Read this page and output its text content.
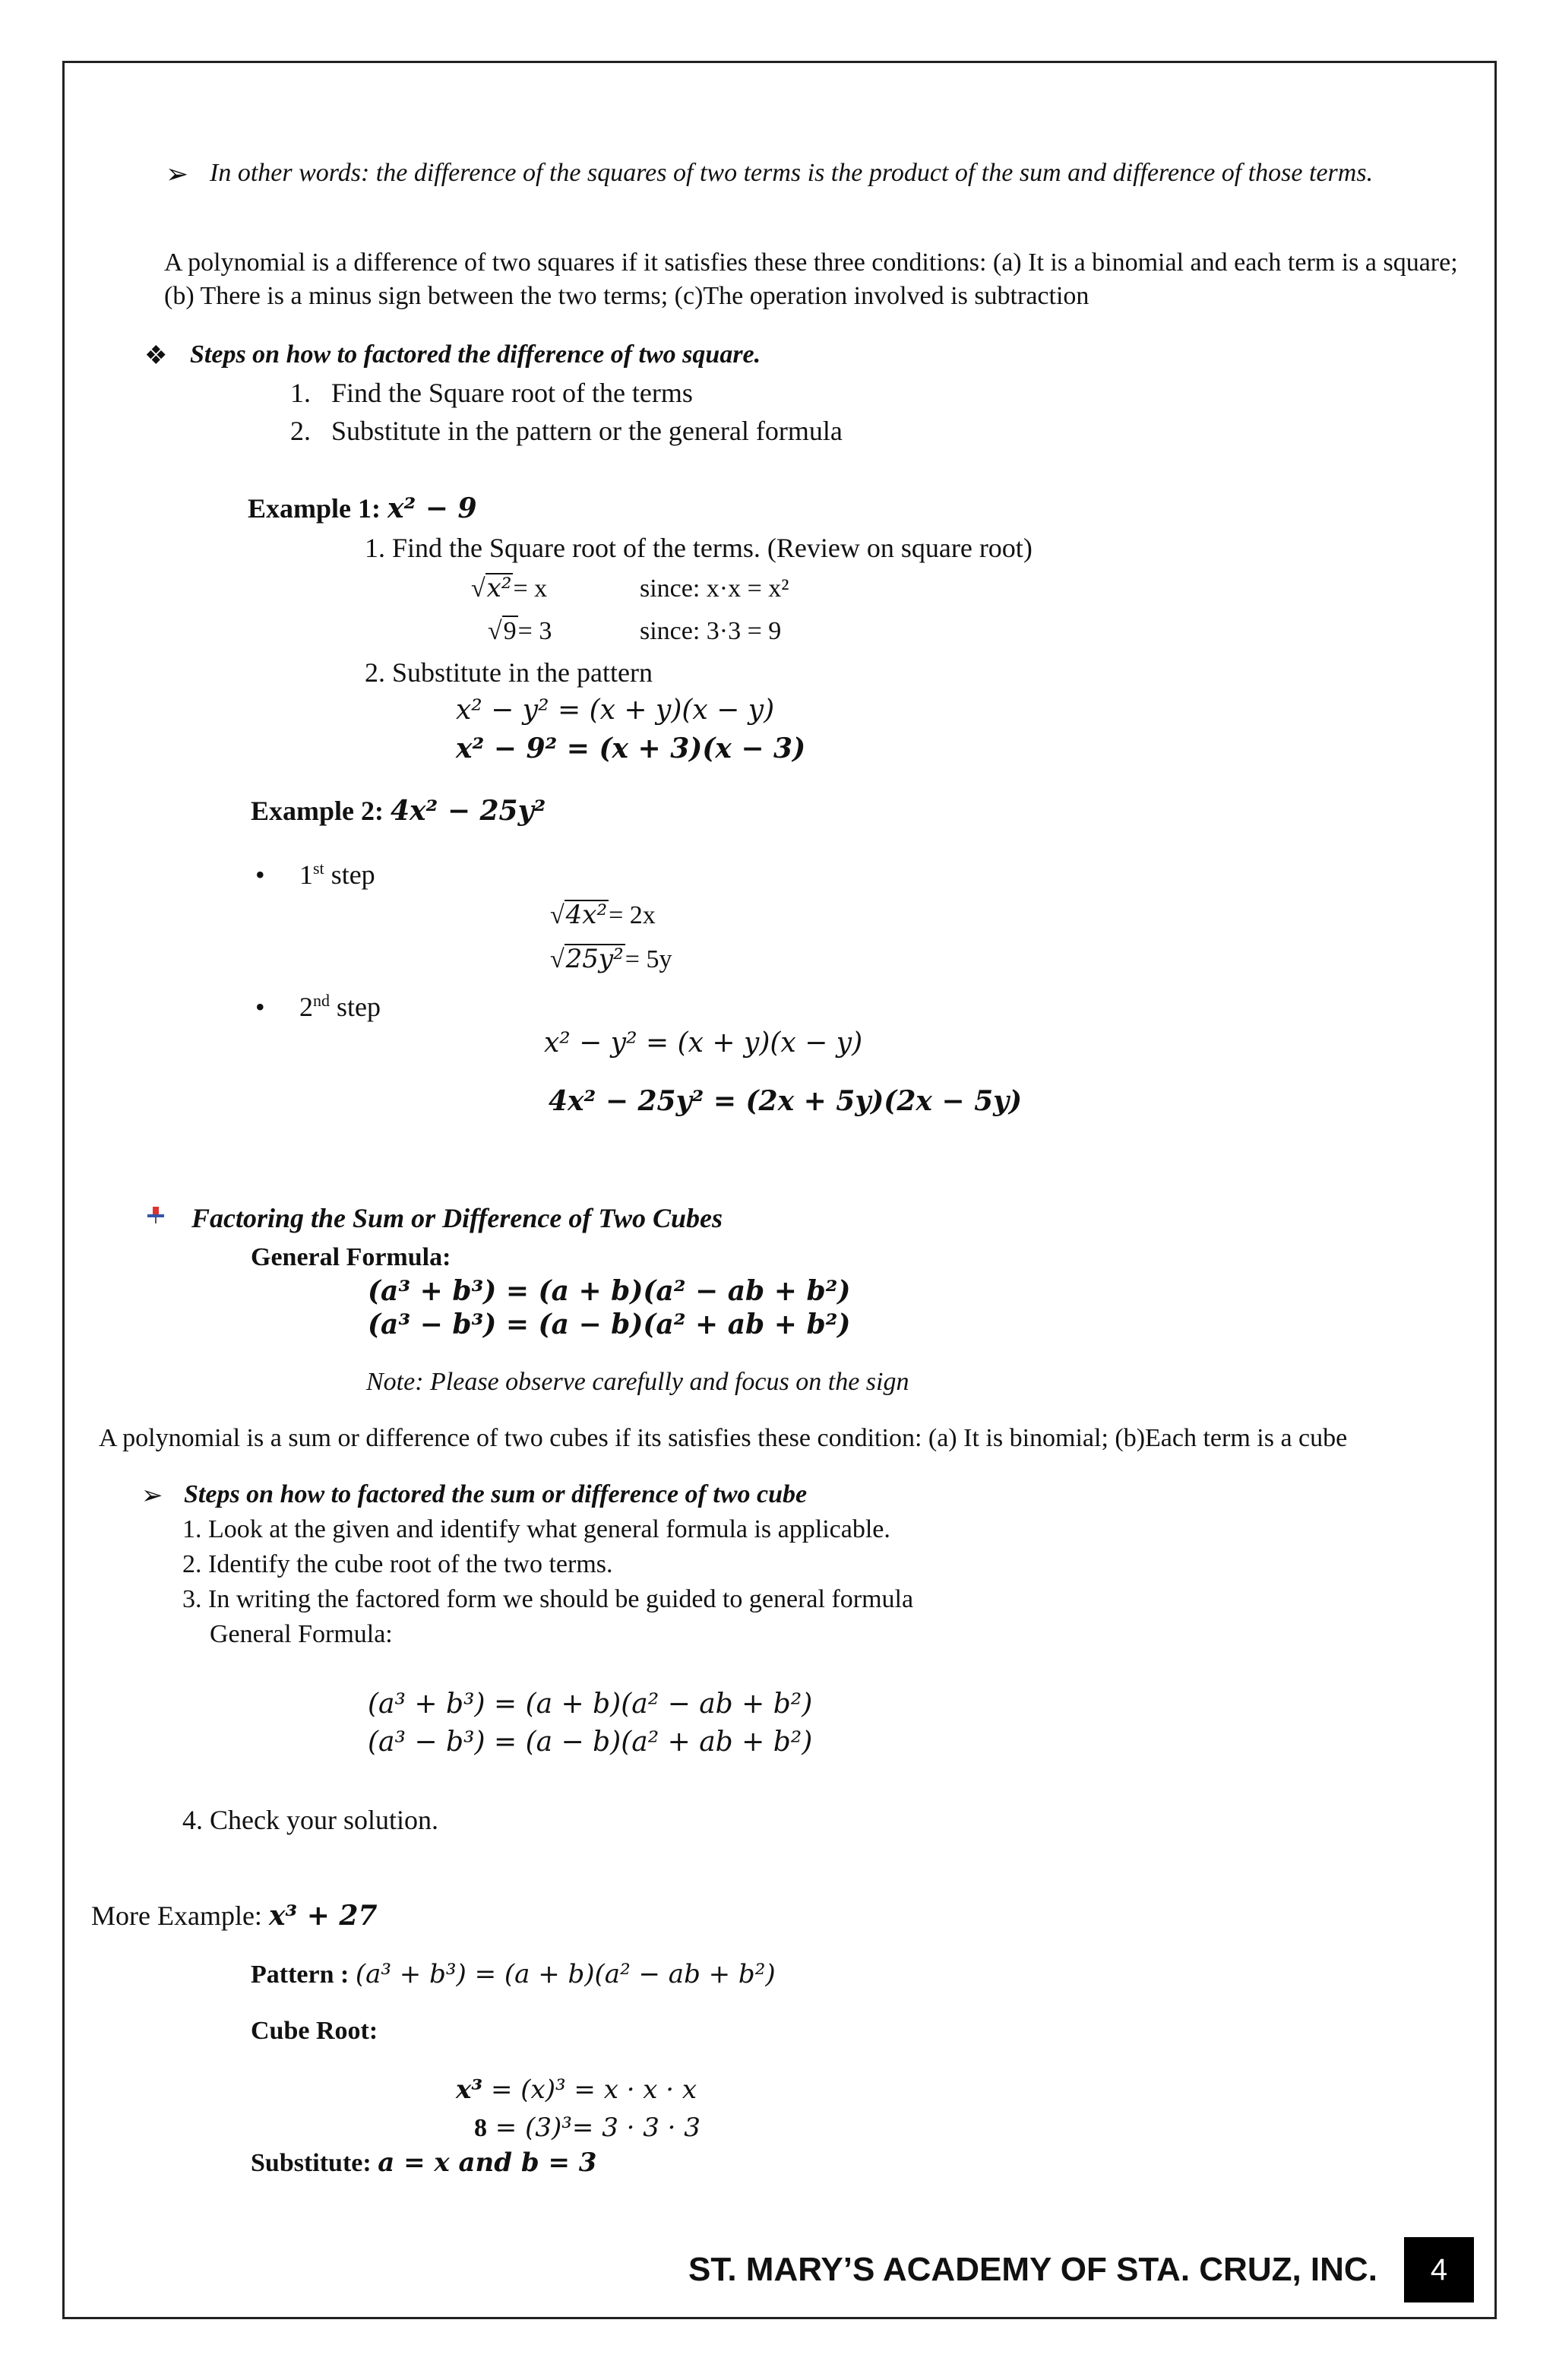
➢ In other words: the difference of the squares of two terms is the product of the sum and difference of those terms.
A polynomial is a difference of two squares if it satisfies these three conditions: (a) It is a binomial and each term is a square; (b) There is a minus sign between the two terms; (c)The operation involved is subtraction
❖ Steps on how to factored the difference of two square.
1.   Find the Square root of the terms
2.   Substitute in the pattern or the general formula
Example 1: x² − 9
1. Find the Square root of the terms. (Review on square root)
√x²= x	since: x·x = x²
√9= 3	since: 3·3 = 9
2. Substitute in the pattern
x² − y² = (x + y)(x − y)
x² − 9² = (x + 3)(x − 3)
Example 2: 4x² − 25y²
• 1st step
√4x²= 2x
√25y²= 5y
• 2nd step
x² − y² = (x + y)(x − y)
4x² − 25y² = (2x + 5y)(2x − 5y)
Factoring the Sum or Difference of Two Cubes
General Formula:
(a³ + b³) = (a + b)(a² − ab + b²)
(a³ − b³) = (a − b)(a² + ab + b²)
Note: Please observe carefully and focus on the sign
A polynomial is a sum or difference of two cubes if its satisfies these condition: (a) It is binomial; (b)Each term is a cube
➢ Steps on how to factored the sum or difference of two cube
1. Look at the given and identify what general formula is applicable.
2. Identify the cube root of the two terms.
3. In writing the factored form we should be guided to general formula
General Formula:
(a³ + b³) = (a + b)(a² − ab + b²)
(a³ − b³) = (a − b)(a² + ab + b²)
4. Check your solution.
More Example: x³ + 27
Pattern : (a³ + b³) = (a + b)(a² − ab + b²)
Cube Root:
x³ = (x)³ = x · x · x
8 = (3)³= 3 · 3 · 3
Substitute: a = x and b = 3
ST. MARY’S ACADEMY OF STA. CRUZ, INC. 4
